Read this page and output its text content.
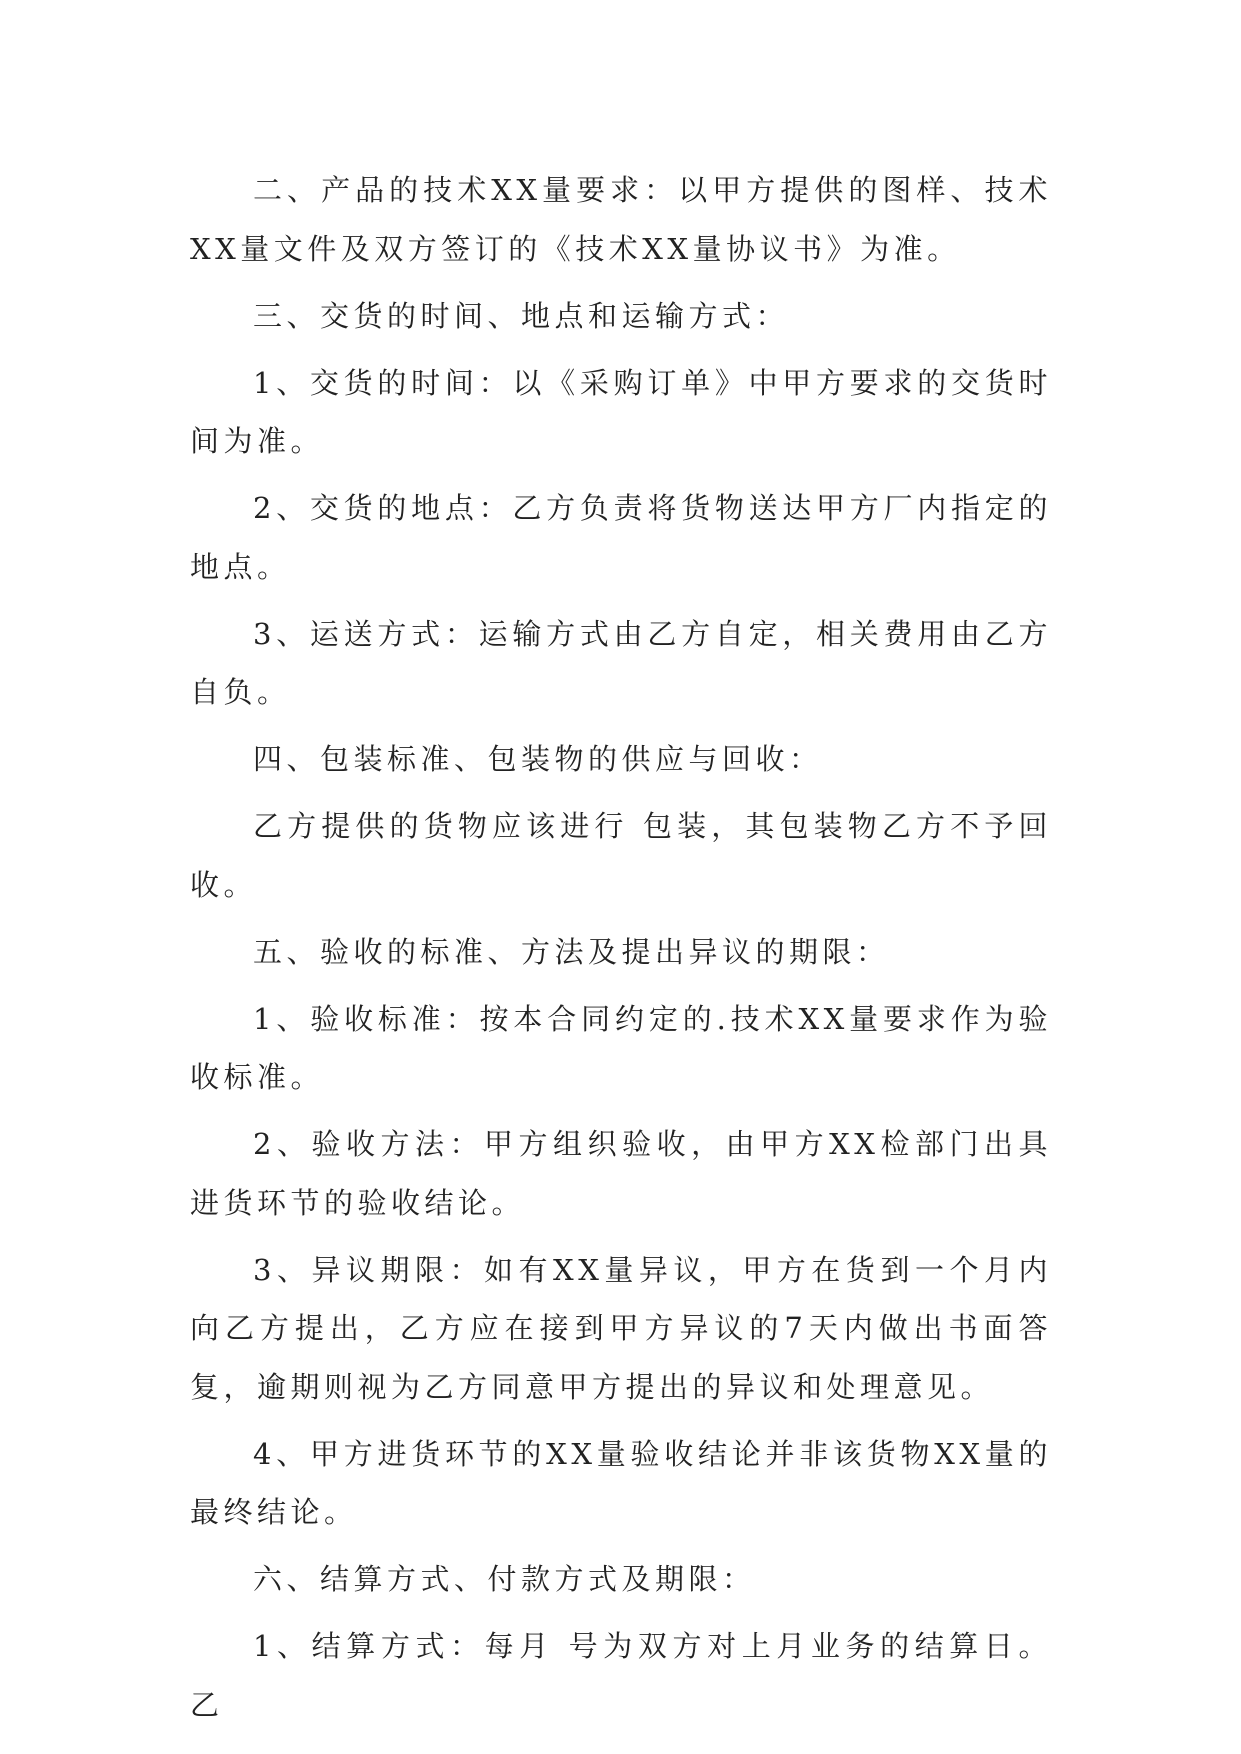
二、产品的技术XX量要求：以甲方提供的图样、技术XX量文件及双方签订的《技术XX量协议书》为准。

三、交货的时间、地点和运输方式：

1、交货的时间：以《采购订单》中甲方要求的交货时间为准。

2、交货的地点：乙方负责将货物送达甲方厂内指定的地点。

3、运送方式：运输方式由乙方自定，相关费用由乙方自负。

四、包装标准、包装物的供应与回收：

乙方提供的货物应该进行 包装，其包装物乙方不予回收。

五、验收的标准、方法及提出异议的期限：

1、验收标准：按本合同约定的.技术XX量要求作为验收标准。

2、验收方法：甲方组织验收，由甲方XX检部门出具进货环节的验收结论。

3、异议期限：如有XX量异议，甲方在货到一个月内向乙方提出，乙方应在接到甲方异议的7天内做出书面答复，逾期则视为乙方同意甲方提出的异议和处理意见。

4、甲方进货环节的XX量验收结论并非该货物XX量的最终结论。

六、结算方式、付款方式及期限：

1、结算方式：每月 号为双方对上月业务的结算日。乙
